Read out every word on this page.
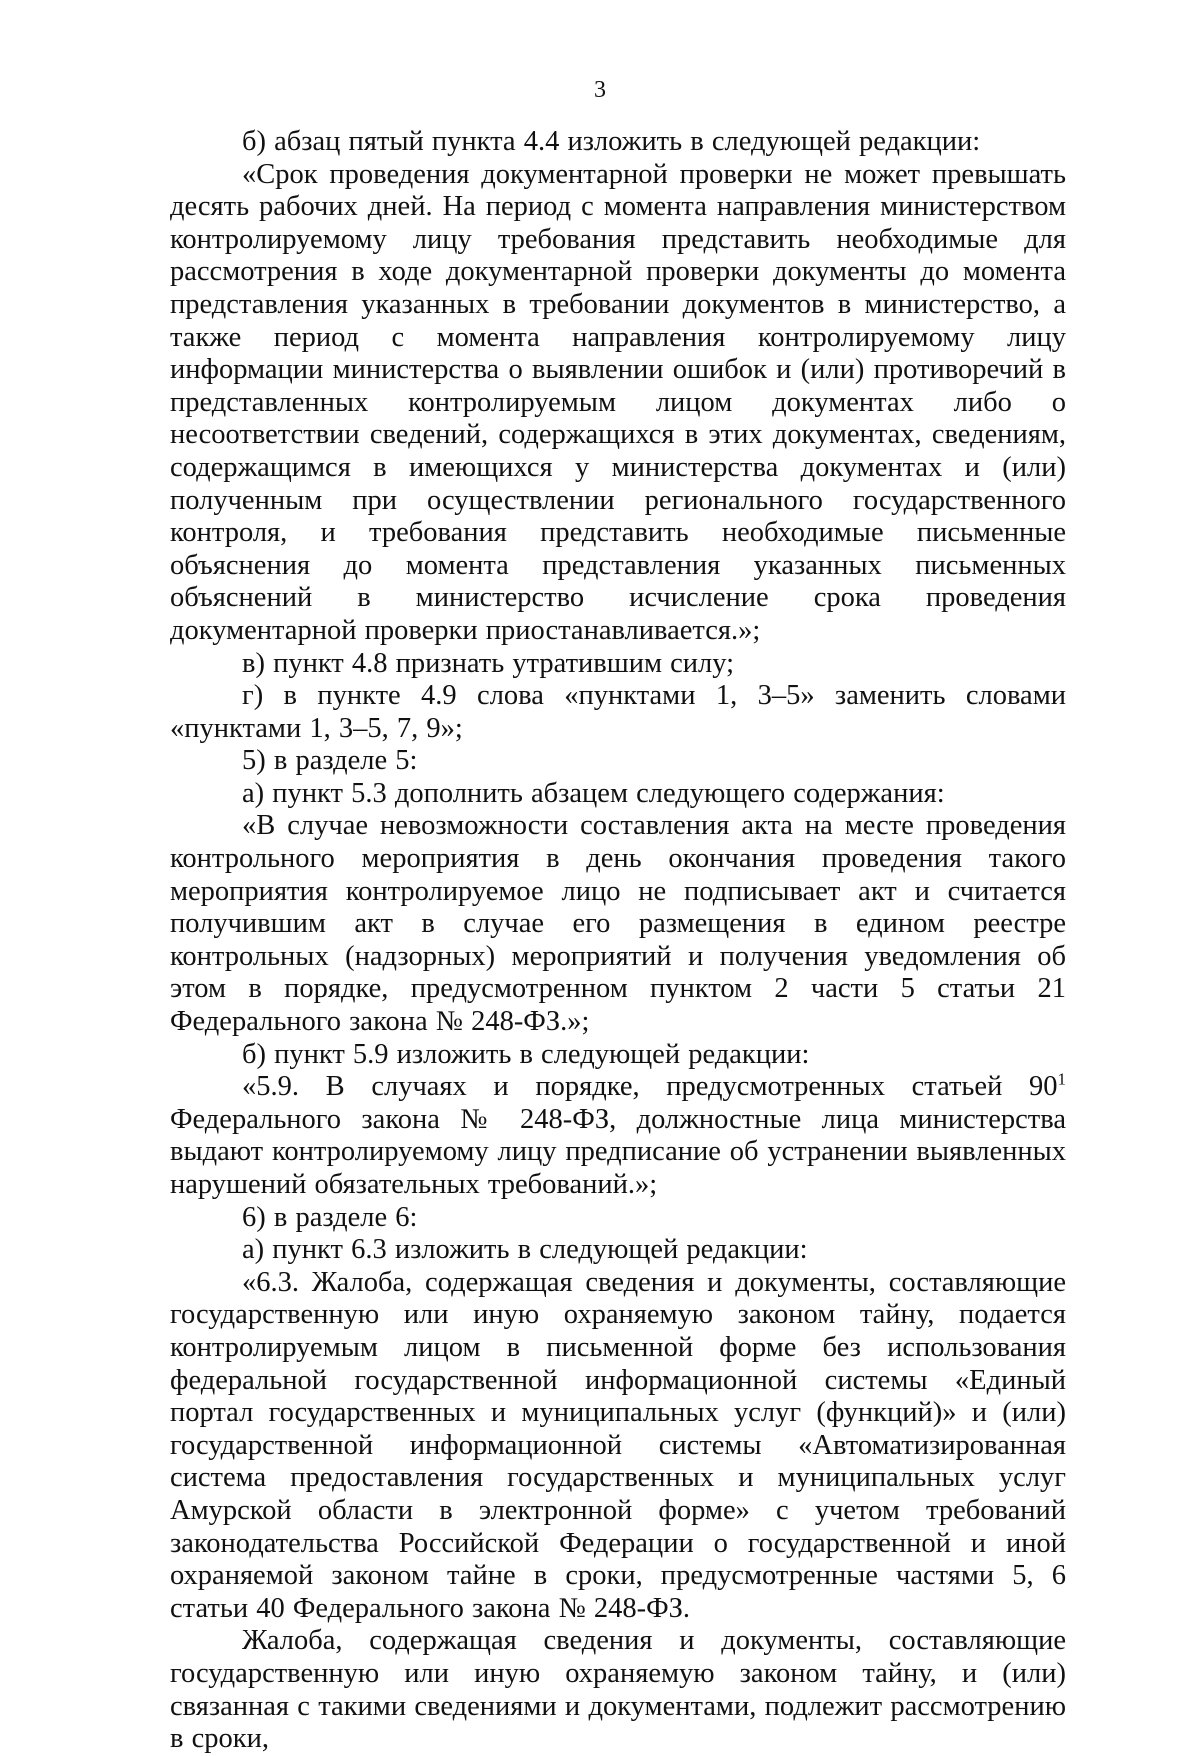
3

б) абзац пятый пункта 4.4 изложить в следующей редакции:

«Срок проведения документарной проверки не может превышать десять рабочих дней. На период с момента направления министерством контролируемому лицу требования представить необходимые для рассмотрения в ходе документарной проверки документы до момента представления указанных в требовании документов в министерство, а также период с момента направления контролируемому лицу информации министерства о выявлении ошибок и (или) противоречий в представленных контролируемым лицом документах либо о несоответствии сведений, содержащихся в этих документах, сведениям, содержащимся в имеющихся у министерства документах и (или) полученным при осуществлении регионального государственного контроля, и требования представить необходимые письменные объяснения до момента представления указанных письменных объяснений в министерство исчисление срока проведения документарной проверки приостанавливается.»;

в) пункт 4.8 признать утратившим силу;

г) в пункте 4.9 слова «пунктами 1, 3–5» заменить словами «пунктами 1, 3–5, 7, 9»;

5) в разделе 5:

а) пункт 5.3 дополнить абзацем следующего содержания:

«В случае невозможности составления акта на месте проведения контрольного мероприятия в день окончания проведения такого мероприятия контролируемое лицо не подписывает акт и считается получившим акт в случае его размещения в едином реестре контрольных (надзорных) мероприятий и получения уведомления об этом в порядке, предусмотренном пунктом 2 части 5 статьи 21 Федерального закона № 248-ФЗ.»;

б) пункт 5.9 изложить в следующей редакции:

«5.9. В случаях и порядке, предусмотренных статьей $90^1$ Федерального закона № 248-ФЗ, должностные лица министерства выдают контролируемому лицу предписание об устранении выявленных нарушений обязательных требований.»;

6) в разделе 6:

а) пункт 6.3 изложить в следующей редакции:

«6.3. Жалоба, содержащая сведения и документы, составляющие государственную или иную охраняемую законом тайну, подается контролируемым лицом в письменной форме без использования федеральной государственной информационной системы «Единый портал государственных и муниципальных услуг (функций)» и (или) государственной информационной системы «Автоматизированная система предоставления государственных и муниципальных услуг Амурской области в электронной форме» с учетом требований законодательства Российской Федерации о государственной и иной охраняемой законом тайне в сроки, предусмотренные частями 5, 6 статьи 40 Федерального закона № 248-ФЗ.

Жалоба, содержащая сведения и документы, составляющие государственную или иную охраняемую законом тайну, и (или) связанная с такими сведениями и документами, подлежит рассмотрению в сроки,
